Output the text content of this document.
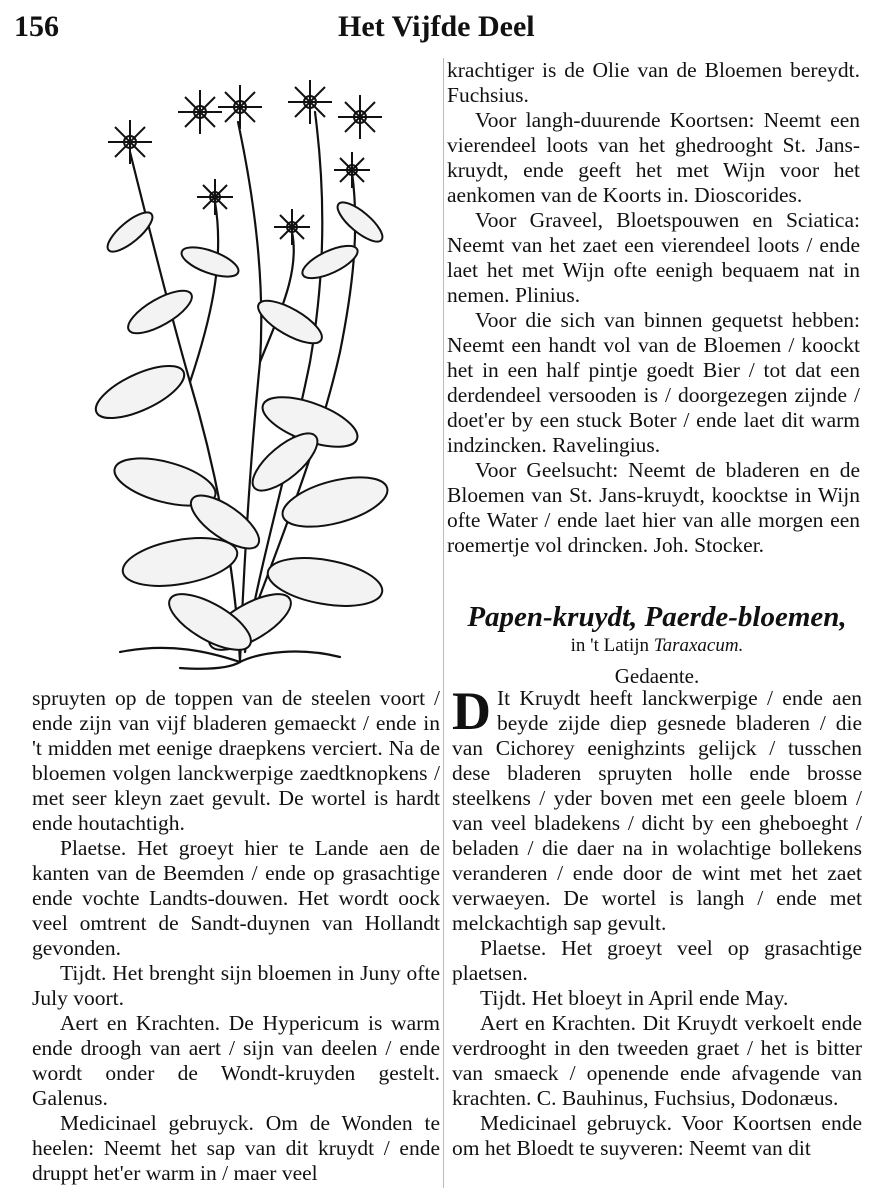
156	Het Vijfde Deel

krachtiger is de Olie van de Bloemen bereydt. Fuchsius.

Voor langh-duurende Koortsen: Neemt een vierendeel loots van het ghedrooght St. Jans-kruydt, ende geeft het met Wijn voor het aenkomen van de Koorts in. Dioscorides.

Voor Graveel, Bloetspouwen en Sciatica: Neemt van het zaet een vierendeel loots / ende laet het met Wijn ofte eenigh bequaem nat in nemen. Plinius.

Voor die sich van binnen gequetst hebben: Neemt een handt vol van de Bloemen / koockt het in een half pintje goedt Bier / tot dat een derdendeel versooden is / doorgezegen zijnde / doet'er by een stuck Boter / ende laet dit warm indzincken. Ravelingius.

Voor Geelsucht: Neemt de bladeren en de Bloemen van St. Jans-kruydt, koocktse in Wijn ofte Water / ende laet hier van alle morgen een roemertje vol drincken. Joh. Stocker.

Papen-kruydt, Paerde-bloemen,
in 't Latijn Taraxacum.
Gedaente.

spruyten op de toppen van de steelen voort / ende zijn van vijf bladeren gemaeckt / ende in 't midden met eenige draepkens verciert. Na de bloemen volgen lanckwerpige zaedtknopkens / met seer kleyn zaet gevult. De wortel is hardt ende houtachtigh.

Plaetse. Het groeyt hier te Lande aen de kanten van de Beemden / ende op grasachtige ende vochte Landts-douwen. Het wordt oock veel omtrent de Sandt-duynen van Hollandt gevonden.

Tijdt. Het brenght sijn bloemen in Juny ofte July voort.

Aert en Krachten. De Hypericum is warm ende droogh van aert / sijn van deelen / ende wordt onder de Wondt-kruyden gestelt. Galenus.

Medicinael gebruyck. Om de Wonden te heelen: Neemt het sap van dit kruydt / ende druppt het'er warm in / maer veel

D It Kruydt heeft lanckwerpige / ende aen beyde zijde diep gesnede bladeren / die van Cichorey eenighzints gelijck / tusschen dese bladeren spruyten holle ende brosse steelkens / yder boven met een geele bloem / van veel bladekens / dicht by een gheboeght / beladen / die daer na in wolachtige bollekens veranderen / ende door de wint met het zaet verwaeyen. De wortel is langh / ende met melckachtigh sap gevult.

Plaetse. Het groeyt veel op grasachtige plaetsen.

Tijdt. Het bloeyt in April ende May.

Aert en Krachten. Dit Kruydt verkoelt ende verdrooght in den tweeden graet / het is bitter van smaeck / openende ende afvagende van krachten. C. Bauhinus, Fuchsius, Dodonæus.

Medicinael gebruyck. Voor Koortsen ende om het Bloedt te suyveren: Neemt van dit
